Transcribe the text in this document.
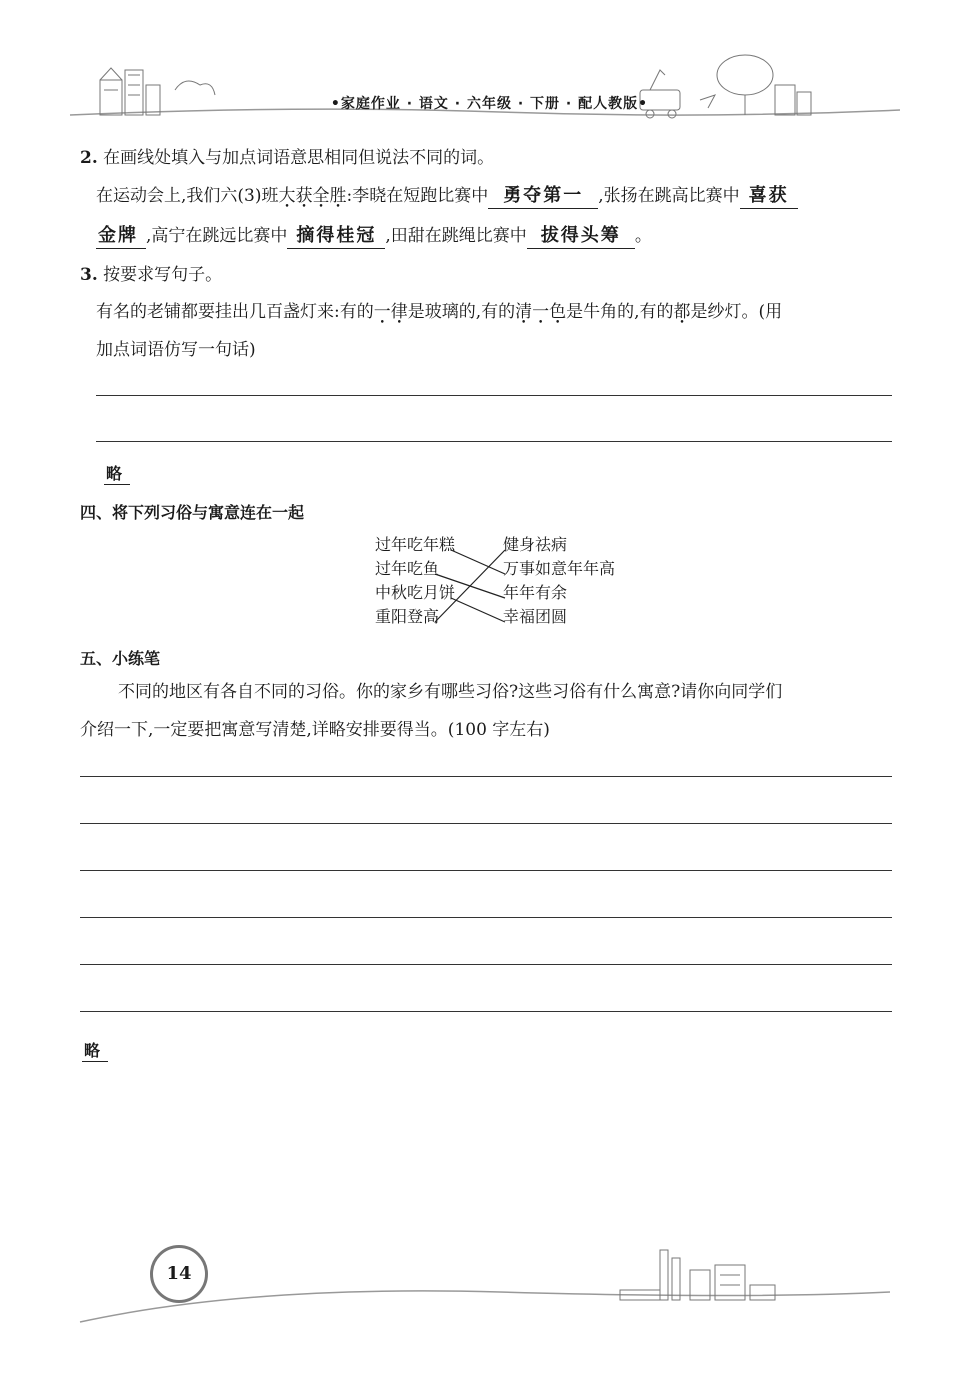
•家庭作业 · 语文 · 六年级 · 下册 · 配人教版•
2. 在画线处填入与加点词语意思相同但说法不同的词。
在运动会上,我们六(3)班大获全胜:李晓在短跑比赛中 勇夺第一 ,张扬在跳高比赛中 喜获
金牌 ,高宁在跳远比赛中 摘得桂冠 ,田甜在跳绳比赛中 拔得头筹 。
3. 按要求写句子。
有名的老铺都要挂出几百盏灯来:有的一律是玻璃的,有的清一色是牛角的,有的都是纱灯。(用
加点词语仿写一句话)
略
四、将下列习俗与寓意连在一起
过年吃年糕
过年吃鱼
中秋吃月饼
重阳登高
健身祛病
万事如意年年高
年年有余
幸福团圆
五、小练笔
不同的地区有各自不同的习俗。你的家乡有哪些习俗?这些习俗有什么寓意?请你向同学们
介绍一下,一定要把寓意写清楚,详略安排要得当。(100 字左右)
略
14
